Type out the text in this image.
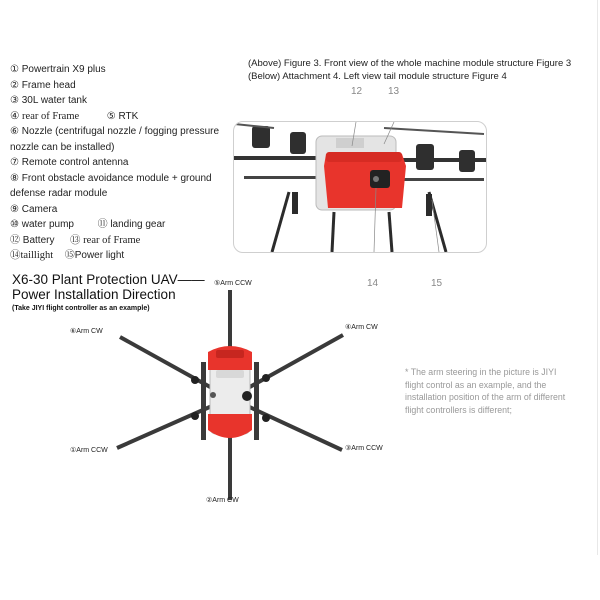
① Powertrain X9 plus
② Frame head
③ 30L water tank
④ rear of Frame	⑤ RTK
⑥ Nozzle (centrifugal nozzle / fogging pressure nozzle can be installed)
⑦ Remote control antenna
⑧ Front obstacle avoidance module + ground defense radar module
⑨ Camera
⑩ water pump ⑪ landing gear
⑫ Battery ⑬ rear of Frame
⑭taillight ⑮Power light
(Above) Figure 3. Front view of the whole machine module structure Figure 3
(Below) Attachment 4. Left view tail module structure Figure 4
12	13
14	15
X6-30 Plant Protection UAV——
Power Installation Direction
(Take JIYI flight controller as an example)
⑤Arm CCW
⑥Arm CW
④Arm CW
①Arm CCW	③Arm CCW
②Arm CW
* The arm steering in the picture is JIYI flight control as an example, and the installation position of the arm of different flight controllers is different;
